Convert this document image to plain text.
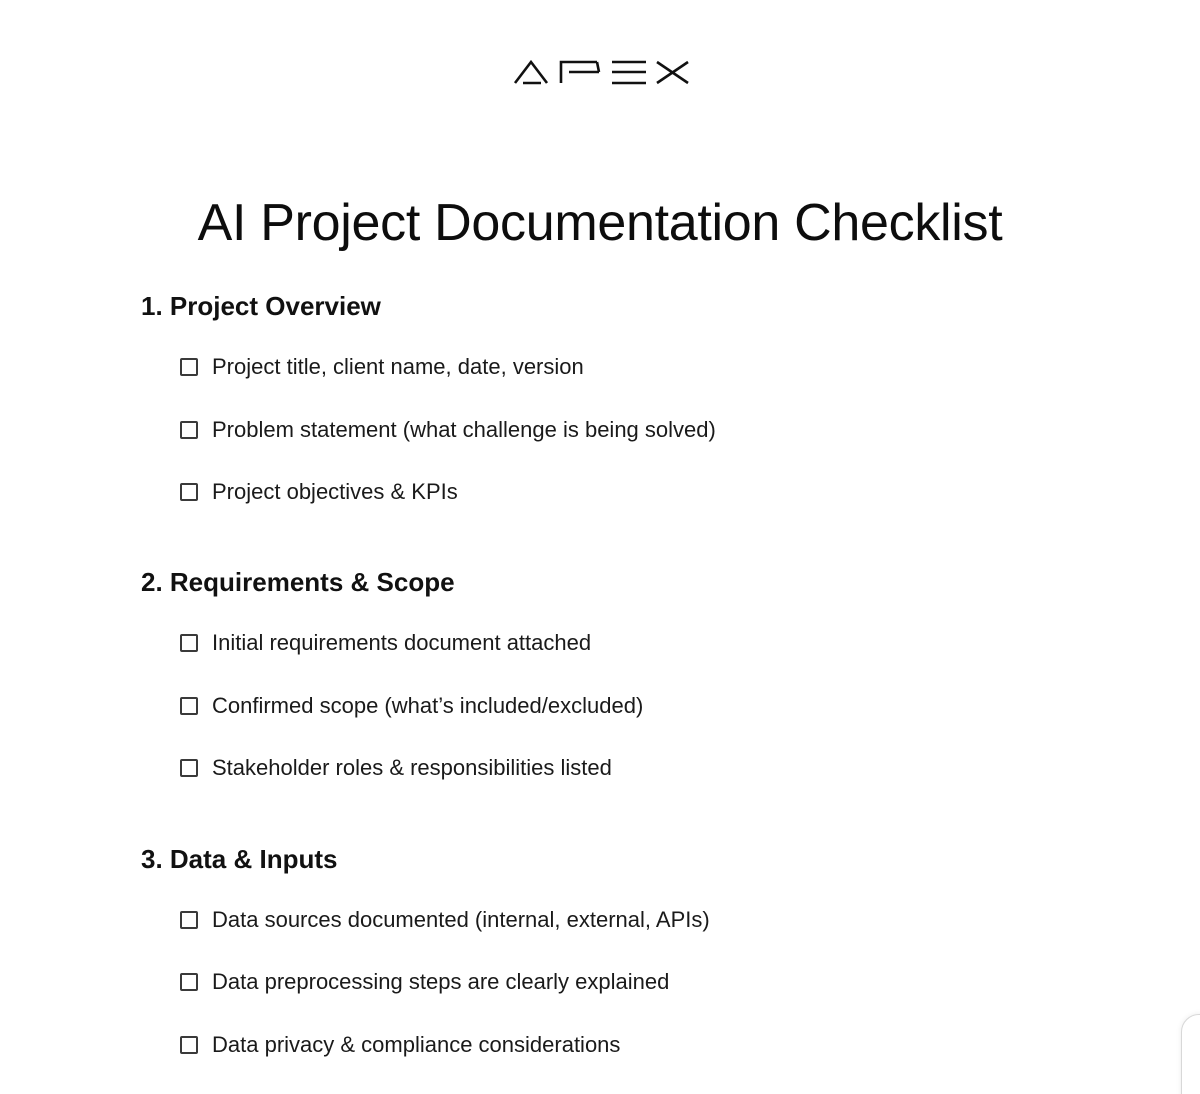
AI Project Documentation Checklist
1. Project Overview
Project title, client name, date, version
Problem statement (what challenge is being solved)
Project objectives & KPIs
2. Requirements & Scope
Initial requirements document attached
Confirmed scope (what’s included/excluded)
Stakeholder roles & responsibilities listed
3. Data & Inputs
Data sources documented (internal, external, APIs)
Data preprocessing steps are clearly explained
Data privacy & compliance considerations
